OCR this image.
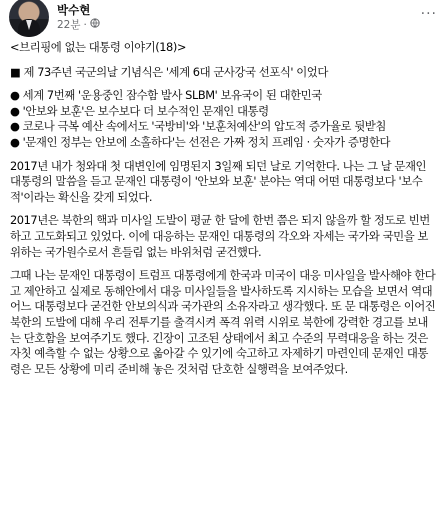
박수현
22분 ·
···
<브리핑에 없는 대통령 이야기(18)>
■ 제 73주년 국군의날 기념식은 '세계 6대 군사강국 선포식' 이었다
● 세계 7번째 '운용중인 잠수함 발사 SLBM' 보유국이 된 대한민국
● '안보와 보훈'은 보수보다 더 보수적인 문재인 대통령
● 코로나 극복 예산 속에서도 '국방비'와 '보훈처예산'의 압도적 증가율로 뒷받침
● '문재인 정부는 안보에 소홀하다'는 선전은 가짜 정치 프레임 · 숫자가 증명한다
2017년 내가 청와대 첫 대변인에 임명된지 3일째 되던 날로 기억한다. 나는 그 날 문재인 대통령의 말씀을 듣고 문재인 대통령이 '안보와 보훈' 분야는 역대 어떤 대통령보다 '보수적'이라는 확신을 갖게 되었다.
2017년은 북한의 핵과 미사일 도발이 평균 한 달에 한번 쯤은 되지 않을까 할 정도로 빈번하고 고도화되고 있었다. 이에 대응하는 문재인 대통령의 각오와 자세는 국가와 국민을 보위하는 국가원수로서 흔들림 없는 바위처럼 굳건했다.
그때 나는 문재인 대통령이 트럼프 대통령에게 한국과 미국이 대응 미사일을 발사해야 한다고 제안하고 실제로 동해안에서 대응 미사일들을 발사하도록 지시하는 모습을 보면서 역대 어느 대통령보다 굳건한 안보의식과 국가관의 소유자라고 생각했다. 또 문 대통령은 이어진 북한의 도발에 대해 우리 전투기를 출격시켜 폭격 위력 시위로 북한에 강력한 경고를 보내는 단호함을 보여주기도 했다. 긴장이 고조된 상태에서 최고 수준의 무력대응을 하는 것은 자칫 예측할 수 없는 상황으로 옮아갈 수 있기에 숙고하고 자제하기 마련인데 문재인 대통령은 모든 상황에 미리 준비해 놓은 것처럼 단호한 실행력을 보여주었다.
